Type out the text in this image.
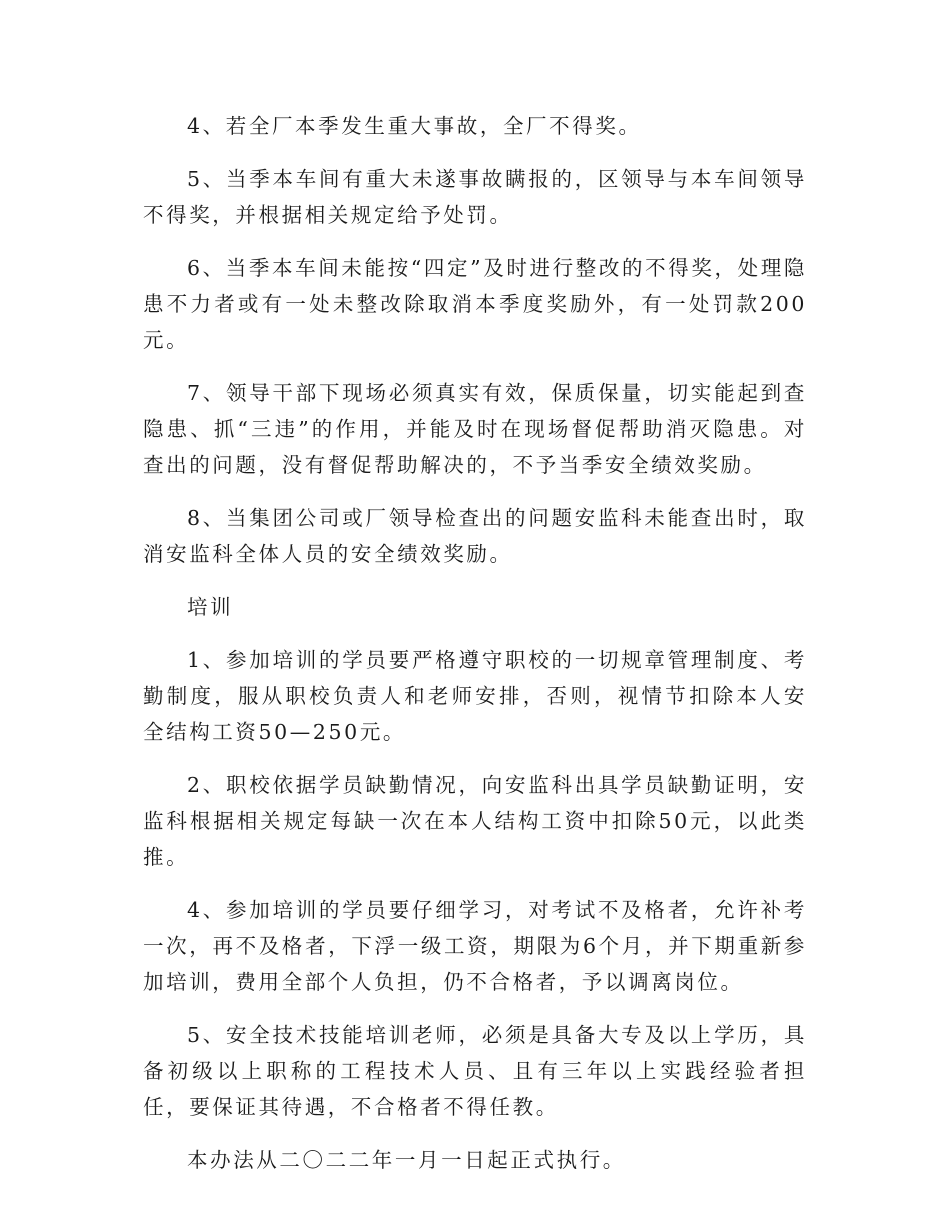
4、若全厂本季发生重大事故，全厂不得奖。

5、当季本车间有重大未遂事故瞒报的，区领导与本车间领导不得奖，并根据相关规定给予处罚。

6、当季本车间未能按“四定”及时进行整改的不得奖，处理隐患不力者或有一处未整改除取消本季度奖励外，有一处罚款200元。

7、领导干部下现场必须真实有效，保质保量，切实能起到查隐患、抓“三违”的作用，并能及时在现场督促帮助消灭隐患。对查出的问题，没有督促帮助解决的，不予当季安全绩效奖励。

8、当集团公司或厂领导检查出的问题安监科未能查出时，取消安监科全体人员的安全绩效奖励。

培训

1、参加培训的学员要严格遵守职校的一切规章管理制度、考勤制度，服从职校负责人和老师安排，否则，视情节扣除本人安全结构工资50—250元。

2、职校依据学员缺勤情况，向安监科出具学员缺勤证明，安监科根据相关规定每缺一次在本人结构工资中扣除50元，以此类推。

4、参加培训的学员要仔细学习，对考试不及格者，允许补考一次，再不及格者，下浮一级工资，期限为6个月，并下期重新参加培训，费用全部个人负担，仍不合格者，予以调离岗位。

5、安全技术技能培训老师，必须是具备大专及以上学历，具备初级以上职称的工程技术人员、且有三年以上实践经验者担任，要保证其待遇，不合格者不得任教。

本办法从二〇二二年一月一日起正式执行。
